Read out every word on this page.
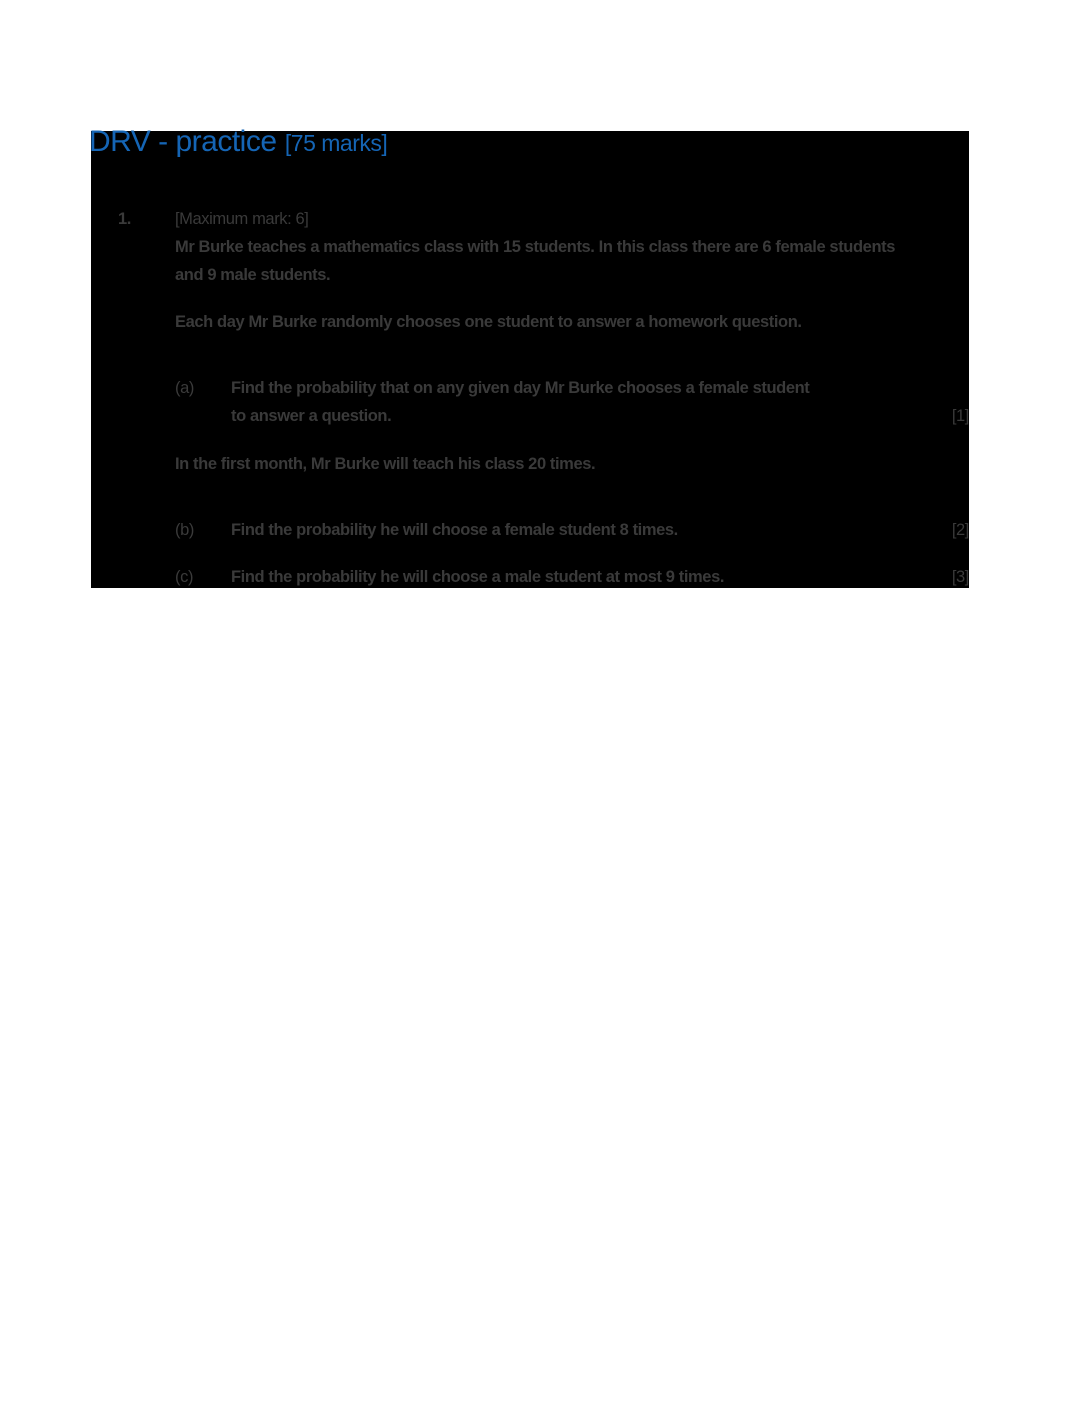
1.	[Maximum mark: 6]
Mr Burke teaches a mathematics class with 15 students. In this class there are 6 female students
and 9 male students.
Each day Mr Burke randomly chooses one student to answer a homework question.
(a) Find the probability that on any given day Mr Burke chooses a female student
to answer a question.	[1]
In the first month, Mr Burke will teach his class 20 times.
(b) Find the probability he will choose a female student 8 times.	[2]
(c) Find the probability he will choose a male student at most 9 times.	[3]
DRV - practice [75 marks]
